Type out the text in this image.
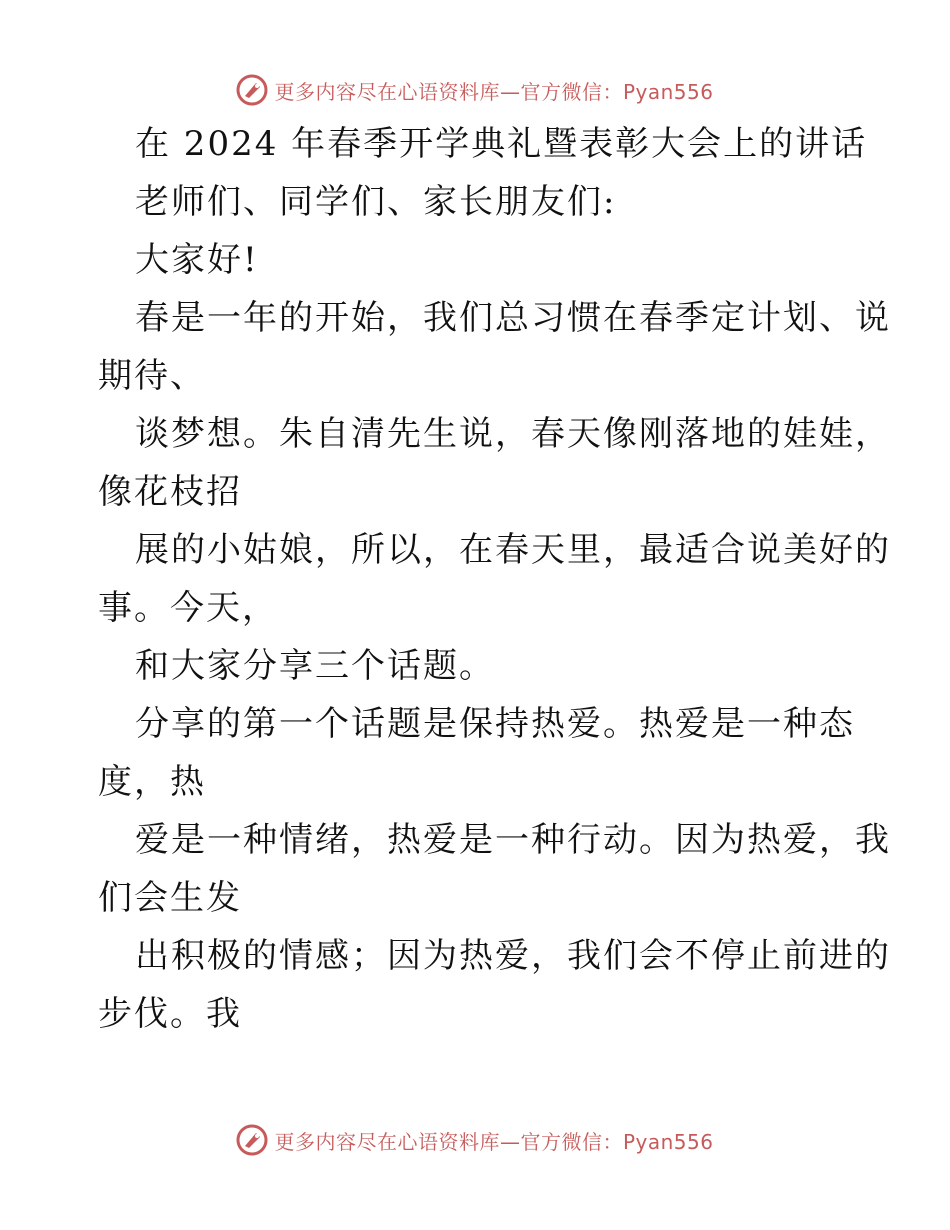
更多内容尽在心语资料库—官方微信：Pyan556
在 2024 年春季开学典礼暨表彰大会上的讲话
老师们、同学们、家长朋友们:
大家好!
春是一年的开始，我们总习惯在春季定计划、说
期待、
谈梦想。朱自清先生说，春天像刚落地的娃娃，
像花枝招
展的小姑娘，所以，在春天里，最适合说美好的
事。今天，
和大家分享三个话题。
分享的第一个话题是保持热爱。热爱是一种态
度，热
爱是一种情绪，热爱是一种行动。因为热爱，我
们会生发
出积极的情感；因为热爱，我们会不停止前进的
步伐。我
更多内容尽在心语资料库—官方微信：Pyan556
